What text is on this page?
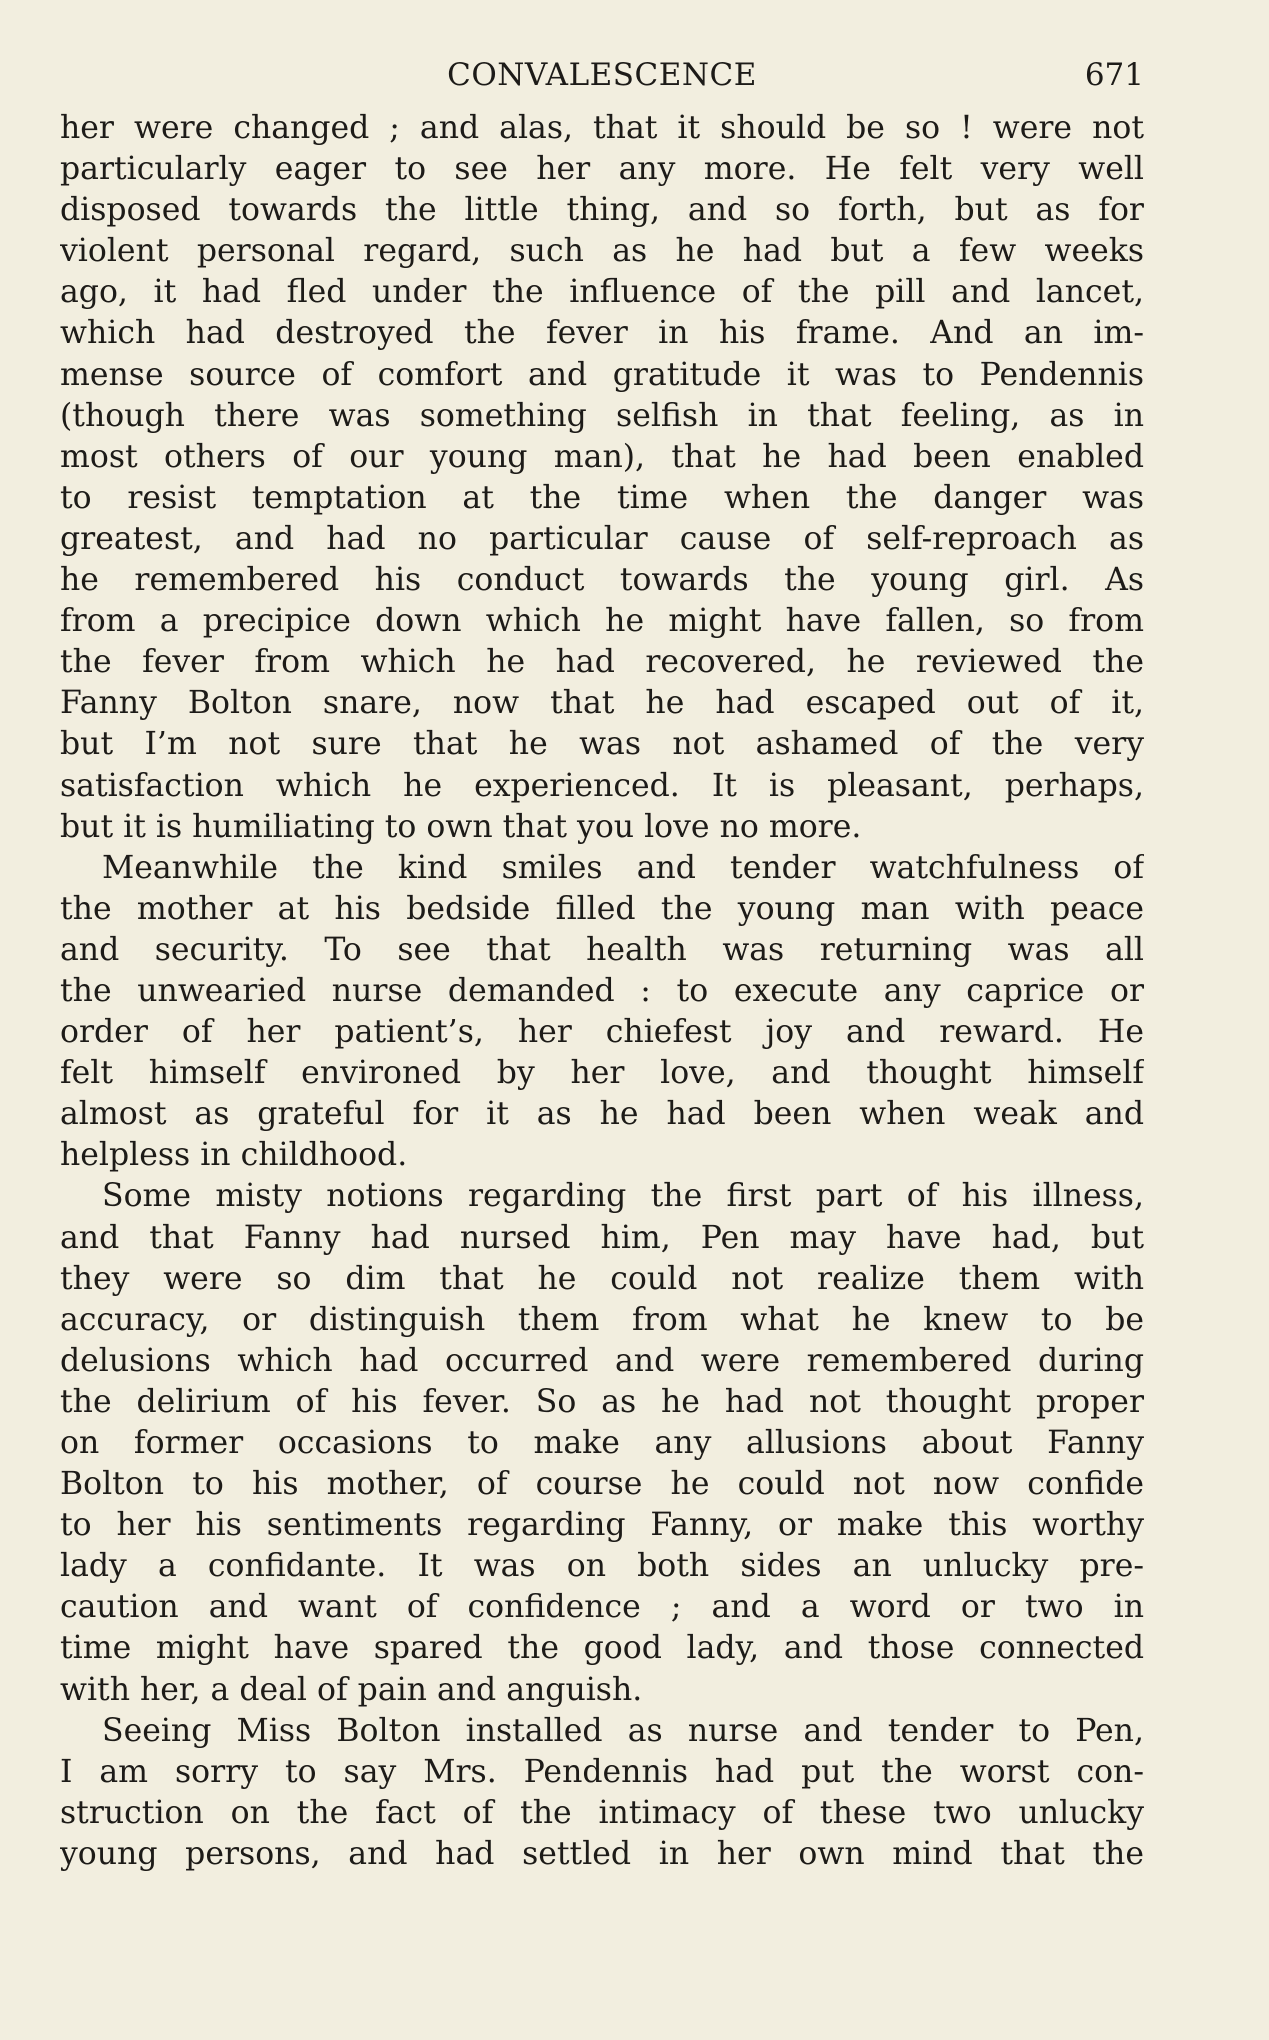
CONVALESCENCE	671
her were changed ; and alas, that it should be so ! were not
particularly eager to see her any more. He felt very well
disposed towards the little thing, and so forth, but as for
violent personal regard, such as he had but a few weeks
ago, it had fled under the influence of the pill and lancet,
which had destroyed the fever in his frame. And an im-
mense source of comfort and gratitude it was to Pendennis
(though there was something selfish in that feeling, as in
most others of our young man), that he had been enabled
to resist temptation at the time when the danger was
greatest, and had no particular cause of self-reproach as
he remembered his conduct towards the young girl. As
from a precipice down which he might have fallen, so from
the fever from which he had recovered, he reviewed the
Fanny Bolton snare, now that he had escaped out of it,
but I’m not sure that he was not ashamed of the very
satisfaction which he experienced. It is pleasant, perhaps,
but it is humiliating to own that you love no more.
Meanwhile the kind smiles and tender watchfulness of
the mother at his bedside filled the young man with peace
and security. To see that health was returning was all
the unwearied nurse demanded : to execute any caprice or
order of her patient’s, her chiefest joy and reward. He
felt himself environed by her love, and thought himself
almost as grateful for it as he had been when weak and
helpless in childhood.
Some misty notions regarding the first part of his illness,
and that Fanny had nursed him, Pen may have had, but
they were so dim that he could not realize them with
accuracy, or distinguish them from what he knew to be
delusions which had occurred and were remembered during
the delirium of his fever. So as he had not thought proper
on former occasions to make any allusions about Fanny
Bolton to his mother, of course he could not now confide
to her his sentiments regarding Fanny, or make this worthy
lady a confidante. It was on both sides an unlucky pre-
caution and want of confidence ; and a word or two in
time might have spared the good lady, and those connected
with her, a deal of pain and anguish.
Seeing Miss Bolton installed as nurse and tender to Pen,
I am sorry to say Mrs. Pendennis had put the worst con-
struction on the fact of the intimacy of these two unlucky
young persons, and had settled in her own mind that the
